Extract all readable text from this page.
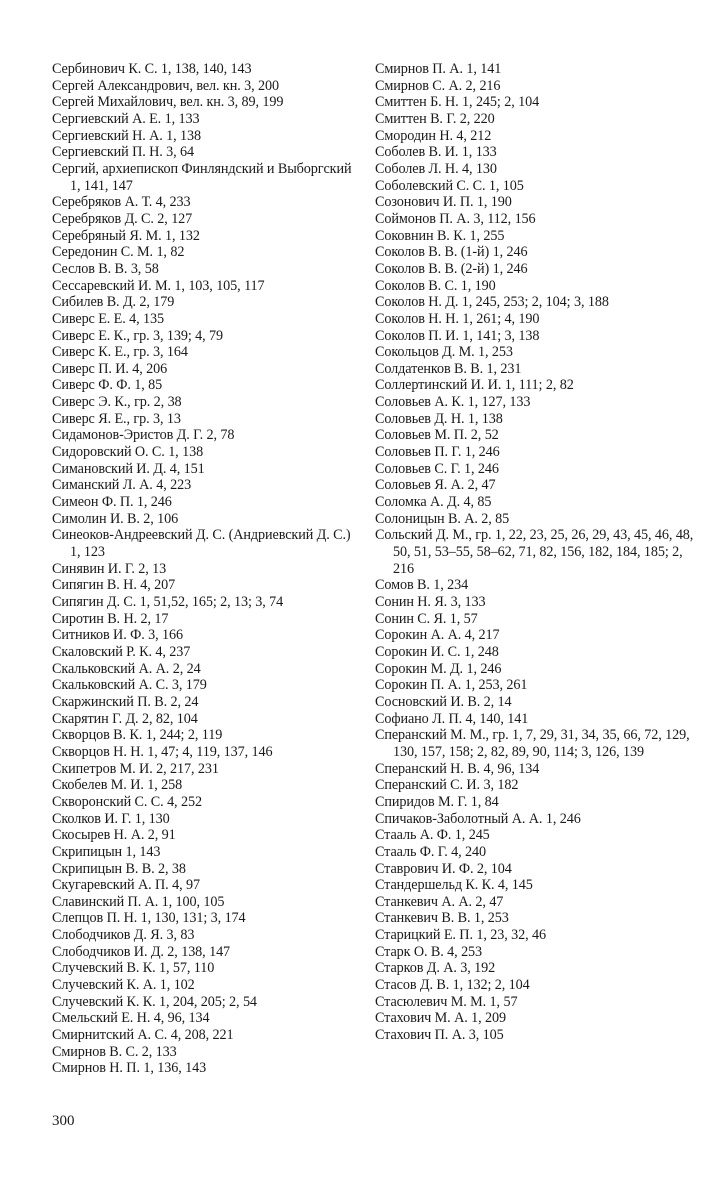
Сербинович К. С. 1, 138, 140, 143
Сергей Александрович, вел. кн. 3, 200
Сергей Михайлович, вел. кн. 3, 89, 199
Сергиевский А. Е. 1, 133
Сергиевский Н. А. 1, 138
Сергиевский П. Н. 3, 64
Сергий, архиепископ Финляндский и Выборгский 1, 141, 147
Серебряков А. Т. 4, 233
Серебряков Д. С. 2, 127
Серебряный Я. М. 1, 132
Середонин С. М. 1, 82
Сеслов В. В. 3, 58
Сессаревский И. М. 1, 103, 105, 117
Сибилев В. Д. 2, 179
Сиверс Е. Е. 4, 135
Сиверс Е. К., гр. 3, 139; 4, 79
Сиверс К. Е., гр. 3, 164
Сиверс П. И. 4, 206
Сиверс Ф. Ф. 1, 85
Сиверс Э. К., гр. 2, 38
Сиверс Я. Е., гр. 3, 13
Сидамонов-Эристов Д. Г. 2, 78
Сидоровский О. С. 1, 138
Симановский И. Д. 4, 151
Симанский Л. А. 4, 223
Симеон Ф. П. 1, 246
Симолин И. В. 2, 106
Синеоков-Андреевский Д. С. (Андриевский Д. С.) 1, 123
Синявин И. Г. 2, 13
Сипягин В. Н. 4, 207
Сипягин Д. С. 1, 51,52, 165; 2, 13; 3, 74
Сиротин В. Н. 2, 17
Ситников И. Ф. 3, 166
Скаловский Р. К. 4, 237
Скальковский А. А. 2, 24
Скальковский А. С. 3, 179
Скаржинский П. В. 2, 24
Скарятин Г. Д. 2, 82, 104
Скворцов В. К. 1, 244; 2, 119
Скворцов Н. Н. 1, 47; 4, 119, 137, 146
Скипетров М. И. 2, 217, 231
Скобелев М. И. 1, 258
Скворонский С. С. 4, 252
Сколков И. Г. 1, 130
Скосырев Н. А. 2, 91
Скрипицын 1, 143
Скрипицын В. В. 2, 38
Скугаревский А. П. 4, 97
Славинский П. А. 1, 100, 105
Слепцов П. Н. 1, 130, 131; 3, 174
Слободчиков Д. Я. 3, 83
Слободчиков И. Д. 2, 138, 147
Случевский В. К. 1, 57, 110
Случевский К. А. 1, 102
Случевский К. К. 1, 204, 205; 2, 54
Смельский Е. Н. 4, 96, 134
Смирнитский А. С. 4, 208, 221
Смирнов В. С. 2, 133
Смирнов Н. П. 1, 136, 143
Смирнов П. А. 1, 141
Смирнов С. А. 2, 216
Смиттен Б. Н. 1, 245; 2, 104
Смиттен В. Г. 2, 220
Смородин Н. 4, 212
Соболев В. И. 1, 133
Соболев Л. Н. 4, 130
Соболевский С. С. 1, 105
Созонович И. П. 1, 190
Соймонов П. А. 3, 112, 156
Соковнин В. К. 1, 255
Соколов В. В. (1-й) 1, 246
Соколов В. В. (2-й) 1, 246
Соколов В. С. 1, 190
Соколов Н. Д. 1, 245, 253; 2, 104; 3, 188
Соколов Н. Н. 1, 261; 4, 190
Соколов П. И. 1, 141; 3, 138
Сокольцов Д. М. 1, 253
Солдатенков В. В. 1, 231
Соллертинский И. И. 1, 111; 2, 82
Соловьев А. К. 1, 127, 133
Соловьев Д. Н. 1, 138
Соловьев М. П. 2, 52
Соловьев П. Г. 1, 246
Соловьев С. Г. 1, 246
Соловьев Я. А. 2, 47
Соломка А. Д. 4, 85
Солоницын В. А. 2, 85
Сольский Д. М., гр. 1, 22, 23, 25, 26, 29, 43, 45, 46, 48, 50, 51, 53–55, 58–62, 71, 82, 156, 182, 184, 185; 2, 216
Сомов В. 1, 234
Сонин Н. Я. 3, 133
Сонин С. Я. 1, 57
Сорокин А. А. 4, 217
Сорокин И. С. 1, 248
Сорокин М. Д. 1, 246
Сорокин П. А. 1, 253, 261
Сосновский И. В. 2, 14
Софиано Л. П. 4, 140, 141
Сперанский М. М., гр. 1, 7, 29, 31, 34, 35, 66, 72, 129, 130, 157, 158; 2, 82, 89, 90, 114; 3, 126, 139
Сперанский Н. В. 4, 96, 134
Сперанский С. И. 3, 182
Спиридов М. Г. 1, 84
Спичаков-Заболотный А. А. 1, 246
Стааль А. Ф. 1, 245
Стааль Ф. Г. 4, 240
Ставрович И. Ф. 2, 104
Стандершельд К. К. 4, 145
Станкевич А. А. 2, 47
Станкевич В. В. 1, 253
Старицкий Е. П. 1, 23, 32, 46
Старк О. В. 4, 253
Старков Д. А. 3, 192
Стасов Д. В. 1, 132; 2, 104
Стасюлевич М. М. 1, 57
Стахович М. А. 1, 209
Стахович П. А. 3, 105
300
